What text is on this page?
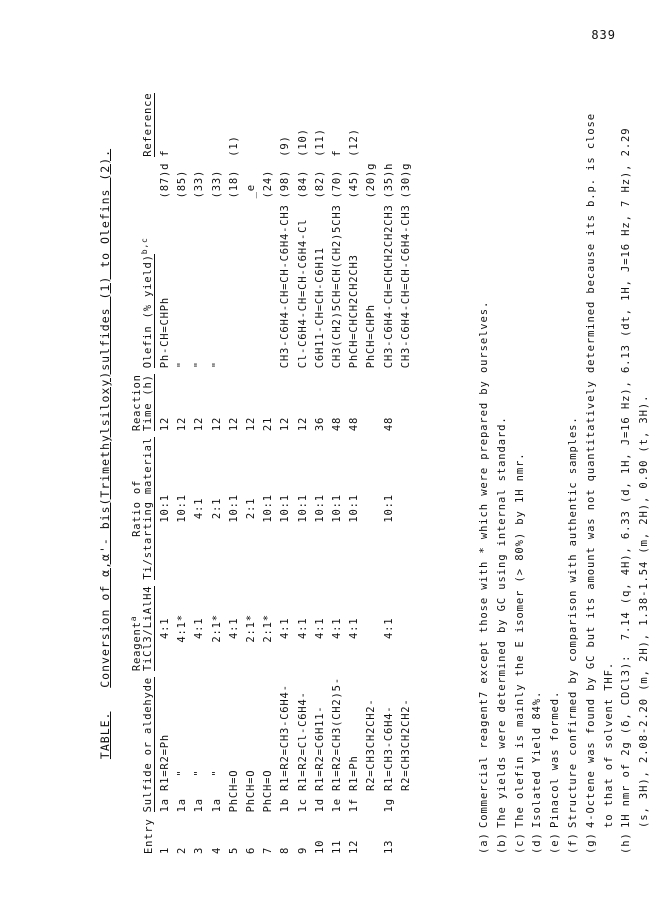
839
TABLE.   Conversion of α,α'- bis(Trimethylsiloxy)sulfides (1) to Olefins (2).
Entry	Sulfide or aldehyde	Reagent$^a$ TiCl3/LiAlH4	Ratio of Ti/starting material	Reaction Time (h)	Olefin (% yield)$^{b,c}$		Reference
1	1a R1=R2=Ph	4:1	10:1	12	Ph-CH=CHPh	(87)d	f
2	1a   "	4:1*	10:1	12	"	(85)	
3	1a   "	4:1	4:1	12	"	(33)	
4	1a   "	2:1*	2:1	12	"	(33)	
5	PhCH=O	4:1	10:1	12		(18)	(1)
6	PhCH=O	2:1*	2:1	12		_e	
7	PhCH=O	2:1*	10:1	21		(24)	
8	1b R1=R2=CH3-C6H4-	4:1	10:1	12	CH3-C6H4-CH=CH-C6H4-CH3	(98)	(9)
9	1c R1=R2=Cl-C6H4-	4:1	10:1	12	Cl-C6H4-CH=CH-C6H4-Cl	(84)	(10)
10	1d R1=R2=C6H11-	4:1	10:1	36	C6H11-CH=CH-C6H11	(82)	(11)
11	1e R1=R2=CH3(CH2)5-	4:1	10:1	48	CH3(CH2)5CH=CH(CH2)5CH3	(70)	f
12	1f R1=Ph	4:1	10:1	48	PhCH=CHCH2CH2CH3	(45)	(12)
	R2=CH3CH2CH2-				PhCH=CHPh	(20)g	
13	1g R1=CH3-C6H4-	4:1	10:1	48	CH3-C6H4-CH=CHCH2CH2CH3	(35)h	
	R2=CH3CH2CH2-				CH3-C6H4-CH=CH-C6H4-CH3	(30)g	
(a)
Commercial reagent7 except those with * which were prepared by ourselves.
(b)
The yields were determined by GC using internal standard.
(c)
The olefin is mainly the E isomer (> 80%) by 1H nmr.
(d)
Isolated Yield 84%.
(e)
Pinacol was formed.
(f)
Structure confirmed by comparison with authentic samples.
(g)
4-Octene was found by GC but its amount was not quantitatively determined because its b.p. is close
to that of solvent THF.
(h)
1H nmr of 2g (δ, CDCl3):  7.14 (q, 4H), 6.33 (d, 1H, J=16 Hz), 6.13 (dt, 1H, J=16 Hz, 7 Hz), 2.29
(s, 3H), 2.08-2.20 (m, 2H), 1.38-1.54 (m, 2H), 0.90 (t, 3H).
